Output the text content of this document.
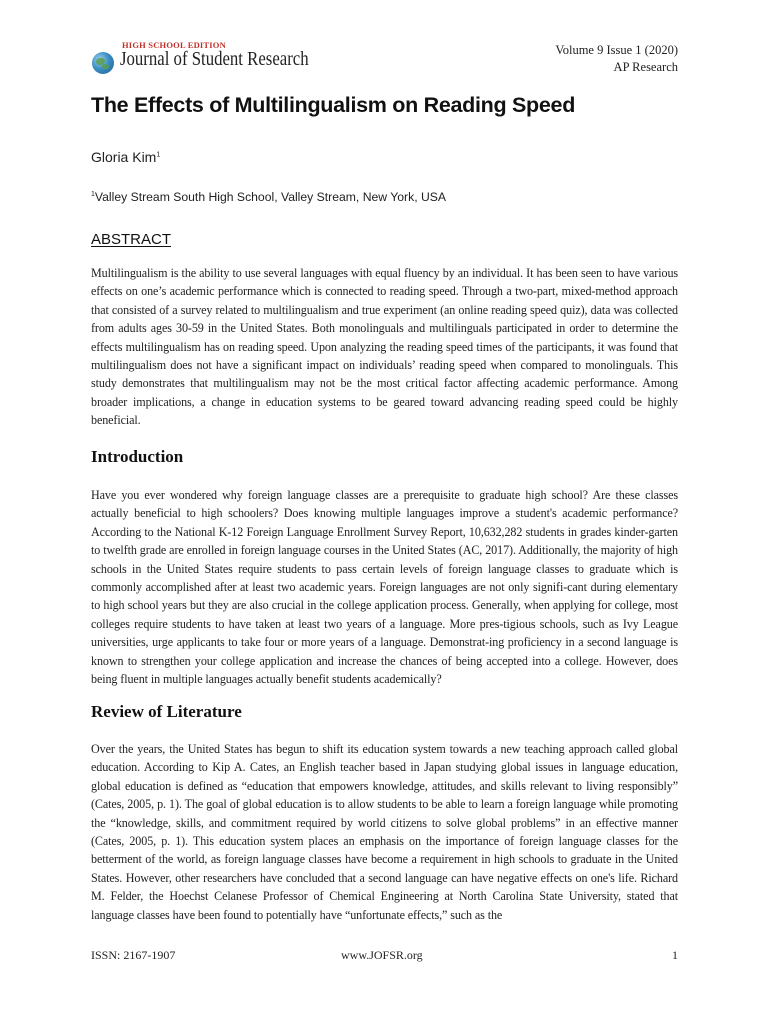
HIGH SCHOOL EDITION
Journal of Student Research	Volume 9 Issue 1 (2020)
AP Research
The Effects of Multilingualism on Reading Speed
Gloria Kim$^1$
$^1$Valley Stream South High School, Valley Stream, New York, USA
ABSTRACT

Multilingualism is the ability to use several languages with equal fluency by an individual. It has been seen to have various effects on one’s academic performance which is connected to reading speed. Through a two-part, mixed-method approach that consisted of a survey related to multilingualism and true experiment (an online reading speed quiz), data was collected from adults ages 30-59 in the United States. Both monolinguals and multilinguals participated in order to determine the effects multilingualism has on reading speed. Upon analyzing the reading speed times of the participants, it was found that multilingualism does not have a significant impact on individuals’ reading speed when compared to monolinguals. This study demonstrates that multilingualism may not be the most critical factor affecting academic performance. Among broader implications, a change in education systems to be geared toward advancing reading speed could be highly beneficial.

Introduction

Have you ever wondered why foreign language classes are a prerequisite to graduate high school? Are these classes actually beneficial to high schoolers? Does knowing multiple languages improve a student's academic performance? According to the National K-12 Foreign Language Enrollment Survey Report, 10,632,282 students in grades kinder-garten to twelfth grade are enrolled in foreign language courses in the United States (AC, 2017). Additionally, the majority of high schools in the United States require students to pass certain levels of foreign language classes to graduate which is commonly accomplished after at least two academic years. Foreign languages are not only signifi-cant during elementary to high school years but they are also crucial in the college application process. Generally, when applying for college, most colleges require students to have taken at least two years of a language. More pres-tigious schools, such as Ivy League universities, urge applicants to take four or more years of a language. Demonstrat-ing proficiency in a second language is known to strengthen your college application and increase the chances of being accepted into a college. However, does being fluent in multiple languages actually benefit students academically?

Review of Literature

Over the years, the United States has begun to shift its education system towards a new teaching approach called global education. According to Kip A. Cates, an English teacher based in Japan studying global issues in language education, global education is defined as “education that empowers knowledge, attitudes, and skills relevant to living responsibly” (Cates, 2005, p. 1). The goal of global education is to allow students to be able to learn a foreign language while promoting the “knowledge, skills, and commitment required by world citizens to solve global problems” in an effective manner (Cates, 2005, p. 1). This education system places an emphasis on the importance of foreign language classes for the betterment of the world, as foreign language classes have become a requirement in high schools to graduate in the United States. However, other researchers have concluded that a second language can have negative effects on one's life. Richard M. Felder, the Hoechst Celanese Professor of Chemical Engineering at North Carolina State University, stated that language classes have been found to potentially have “unfortunate effects,” such as the

ISSN: 2167-1907	www.JOFSR.org	1
